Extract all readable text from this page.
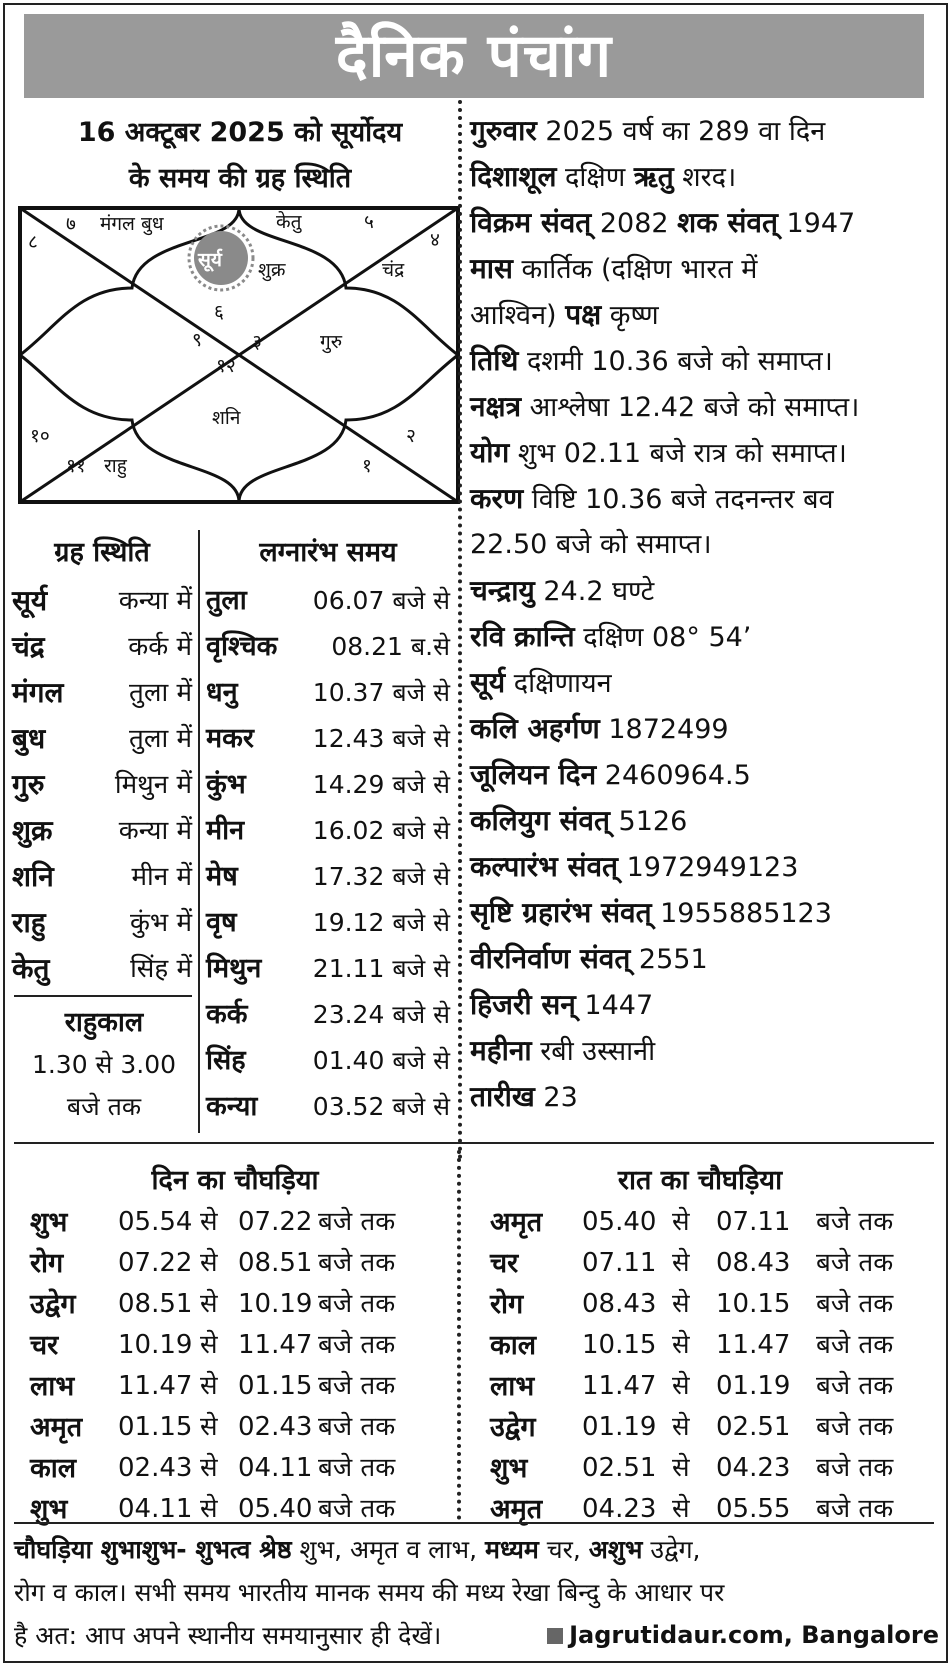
दैनिक पंचांग
16 अक्टूबर 2025 को सूर्योदय
के समय की ग्रह स्थिति
७ मंगल बुध	केतु	५
८	४
सूर्य शुक्र	चंद्र
६
९	३	गुरु
१२
शनि
१०	२
११ राहु	१
गुरुवार 2025 वर्ष का 289 वा दिन
दिशाशूल दक्षिण ऋतु शरद।
विक्रम संवत् 2082 शक संवत् 1947
मास कार्तिक (दक्षिण भारत में
आश्विन) पक्ष कृष्ण
तिथि दशमी 10.36 बजे को समाप्त।
नक्षत्र आश्लेषा 12.42 बजे को समाप्त।
योग शुभ 02.11 बजे रात्र को समाप्त।
करण विष्टि 10.36 बजे तदनन्तर बव
22.50 बजे को समाप्त।
चन्द्रायु 24.2 घण्टे
रवि क्रान्ति दक्षिण 08° 54’
सूर्य दक्षिणायन
कलि अहर्गण 1872499
जूलियन दिन 2460964.5
कलियुग संवत् 5126
कल्पारंभ संवत् 1972949123
सृष्टि ग्रहारंभ संवत् 1955885123
वीरनिर्वाण संवत् 2551
हिजरी सन् 1447
महीना रबी उस्सानी
तारीख 23
ग्रह स्थिति
सूर्य	कन्या में
चंद्र	कर्क में
मंगल	तुला में
बुध	तुला में
गुरु	मिथुन में
शुक्र	कन्या में
शनि	मीन में
राहु	कुंभ में
केतु	सिंह में
राहुकाल
1.30 से 3.00
बजे तक
लग्नारंभ समय
तुला	06.07 बजे से
वृश्चिक 08.21 ब.से
धनु	10.37 बजे से
मकर 12.43 बजे से
कुंभ	14.29 बजे से
मीन	16.02 बजे से
मेष	17.32 बजे से
वृष	19.12 बजे से
मिथुन 21.11 बजे से
कर्क	23.24 बजे से
सिंह	01.40 बजे से
कन्या 03.52 बजे से
दिन का चौघड़िया
शुभ	05.54 से 07.22 बजे तक
रोग	07.22 से 08.51 बजे तक
उद्वेग	08.51 से 10.19 बजे तक
चर	10.19 से 11.47 बजे तक
लाभ	11.47 से 01.15 बजे तक
अमृत	01.15 से 02.43 बजे तक
काल	02.43 से 04.11 बजे तक
शुभ	04.11 से 05.40 बजे तक
रात का चौघड़िया
अमृत	05.40 से	07.11 बजे तक
चर	07.11 से	08.43 बजे तक
रोग	08.43 से	10.15 बजे तक
काल	10.15 से	11.47 बजे तक
लाभ	11.47 से	01.19 बजे तक
उद्वेग	01.19 से	02.51 बजे तक
शुभ	02.51 से	04.23 बजे तक
अमृत	04.23 से	05.55 बजे तक
चौघड़िया शुभाशुभ- शुभत्व श्रेष्ठ शुभ, अमृत व लाभ, मध्यम चर, अशुभ उद्वेग,
रोग व काल। सभी समय भारतीय मानक समय की मध्य रेखा बिन्दु के आधार पर
है अत: आप अपने स्थानीय समयानुसार ही देखें।	Jagrutidaur.com, Bangalore
